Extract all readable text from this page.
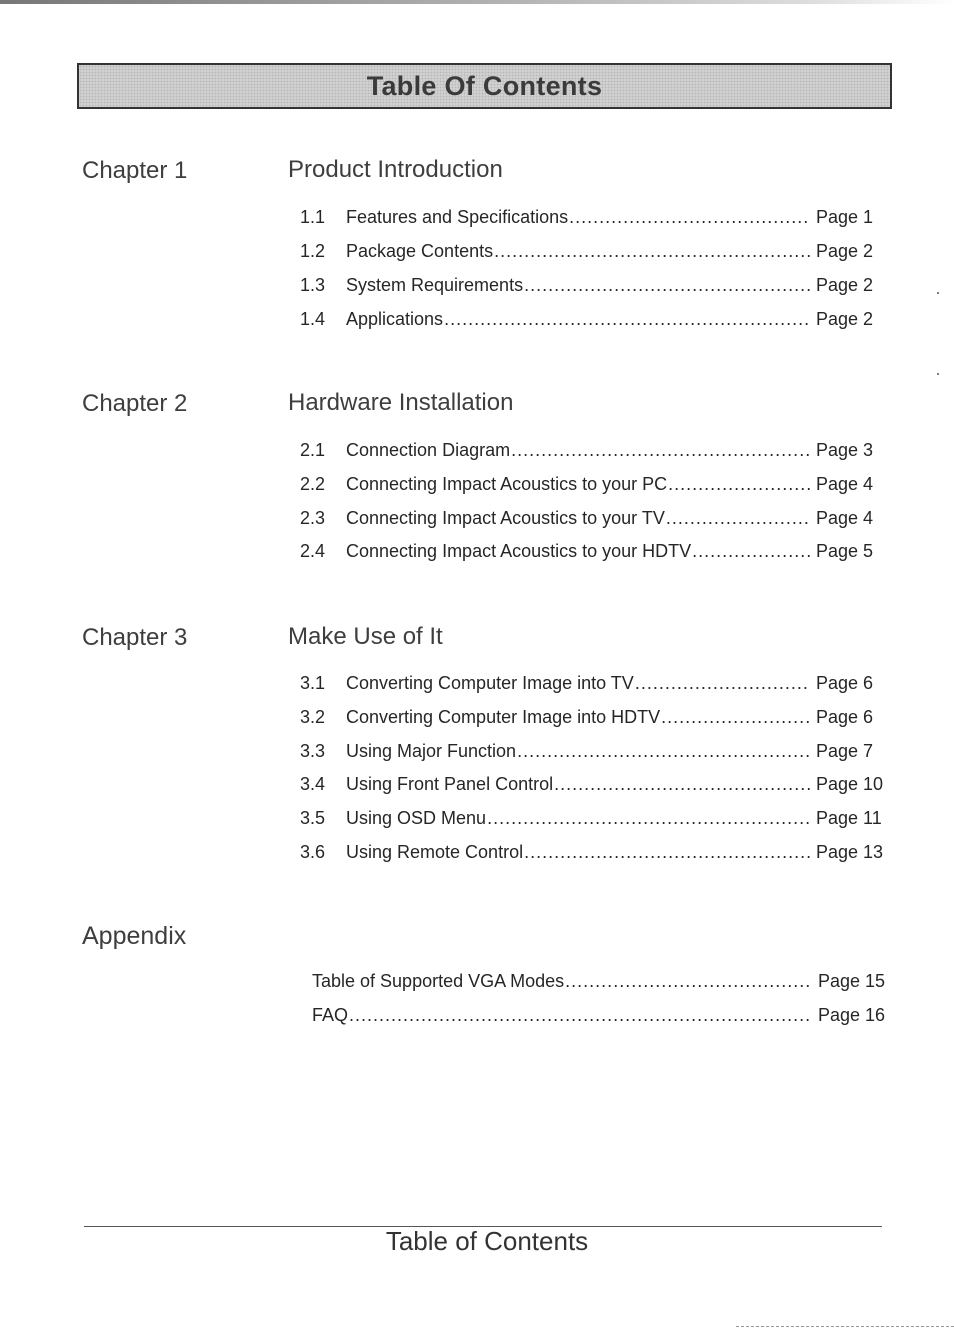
Table Of Contents
Chapter 1	Product Introduction
1.1	Features and Specifications . . .	Page 1
1.2	Package Contents . . .	Page 2
1.3	System Requirements . . .	Page 2
1.4	Applications . . .	Page 2
Chapter 2	Hardware Installation
2.1	Connection Diagram . . .	Page 3
2.2	Connecting Impact Acoustics to your PC . . .	Page 4
2.3	Connecting Impact Acoustics to your TV . . .	Page 4
2.4	Connecting Impact Acoustics to your HDTV . . .	Page 5
Chapter 3	Make Use of It
3.1	Converting Computer Image into TV . . .	Page 6
3.2	Converting Computer Image into HDTV . . .	Page 6
3.3	Using Major Function . . .	Page 7
3.4	Using Front Panel Control . . .	Page 10
3.5	Using OSD Menu . . .	Page 11
3.6	Using Remote Control . . .	Page 13
Appendix
Table of Supported VGA Modes . . .	Page 15
FAQ . . .	Page 16
Table of Contents
